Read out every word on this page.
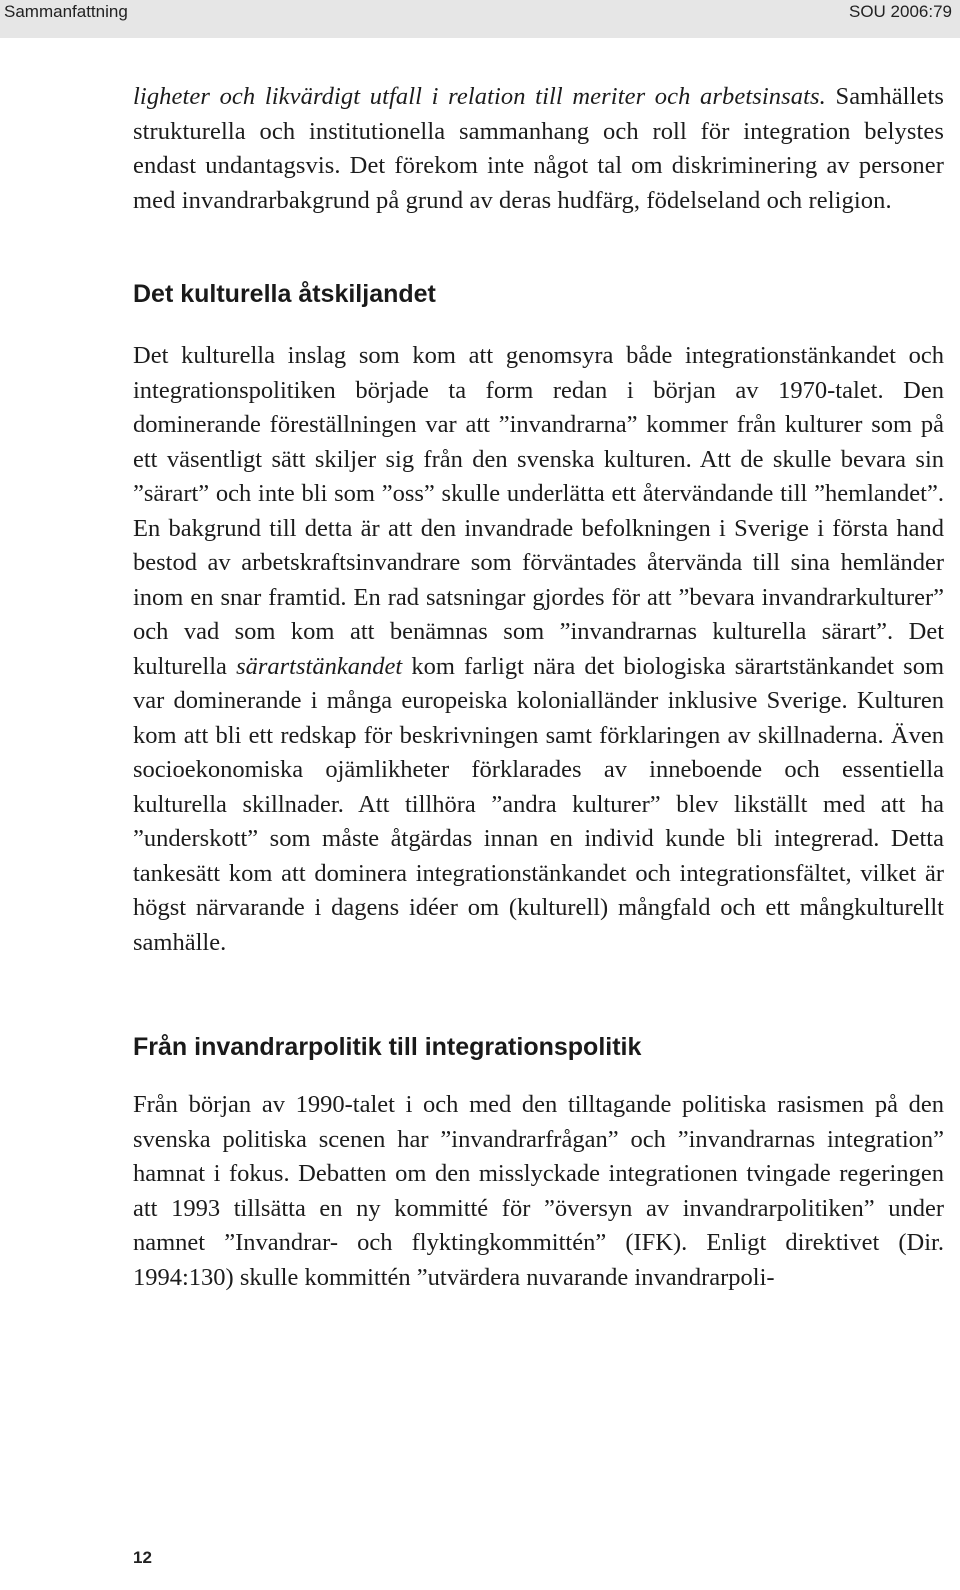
Sammanfattning	SOU 2006:79

ligheter och likvärdigt utfall i relation till meriter och arbetsinsats. Samhällets strukturella och institutionella sammanhang och roll för integration belystes endast undantagsvis. Det förekom inte något tal om diskriminering av personer med invandrarbakgrund på grund av deras hudfärg, födelseland och religion.

Det kulturella åtskiljandet

Det kulturella inslag som kom att genomsyra både integrationstänkandet och integrationspolitiken började ta form redan i början av 1970-talet. Den dominerande föreställningen var att ”invandrarna” kommer från kulturer som på ett väsentligt sätt skiljer sig från den svenska kulturen. Att de skulle bevara sin ”särart” och inte bli som ”oss” skulle underlätta ett återvändande till ”hemlandet”. En bakgrund till detta är att den invandrade befolkningen i Sverige i första hand bestod av arbetskraftsinvandrare som förväntades återvända till sina hemländer inom en snar framtid. En rad satsningar gjordes för att ”bevara invandrarkulturer” och vad som kom att benämnas som ”invandrarnas kulturella särart”. Det kulturella särartstänkandet kom farligt nära det biologiska särartstänkandet som var dominerande i många europeiska kolonialländer inklusive Sverige. Kulturen kom att bli ett redskap för beskrivningen samt förklaringen av skillnaderna. Även socioekonomiska ojämlikheter förklarades av inneboende och essentiella kulturella skillnader. Att tillhöra ”andra kulturer” blev likställt med att ha ”underskott” som måste åtgärdas innan en individ kunde bli integrerad. Detta tankesätt kom att dominera integrationstänkandet och integrationsfältet, vilket är högst närvarande i dagens idéer om (kulturell) mångfald och ett mångkulturellt samhälle.

Från invandrarpolitik till integrationspolitik

Från början av 1990-talet i och med den tilltagande politiska rasismen på den svenska politiska scenen har ”invandrarfrågan” och ”invandrarnas integration” hamnat i fokus. Debatten om den misslyckade integrationen tvingade regeringen att 1993 tillsätta en ny kommitté för ”översyn av invandrarpolitiken” under namnet ”Invandrar- och flyktingkommittén” (IFK). Enligt direktivet (Dir. 1994:130) skulle kommittén ”utvärdera nuvarande invandrarpoli-

12
